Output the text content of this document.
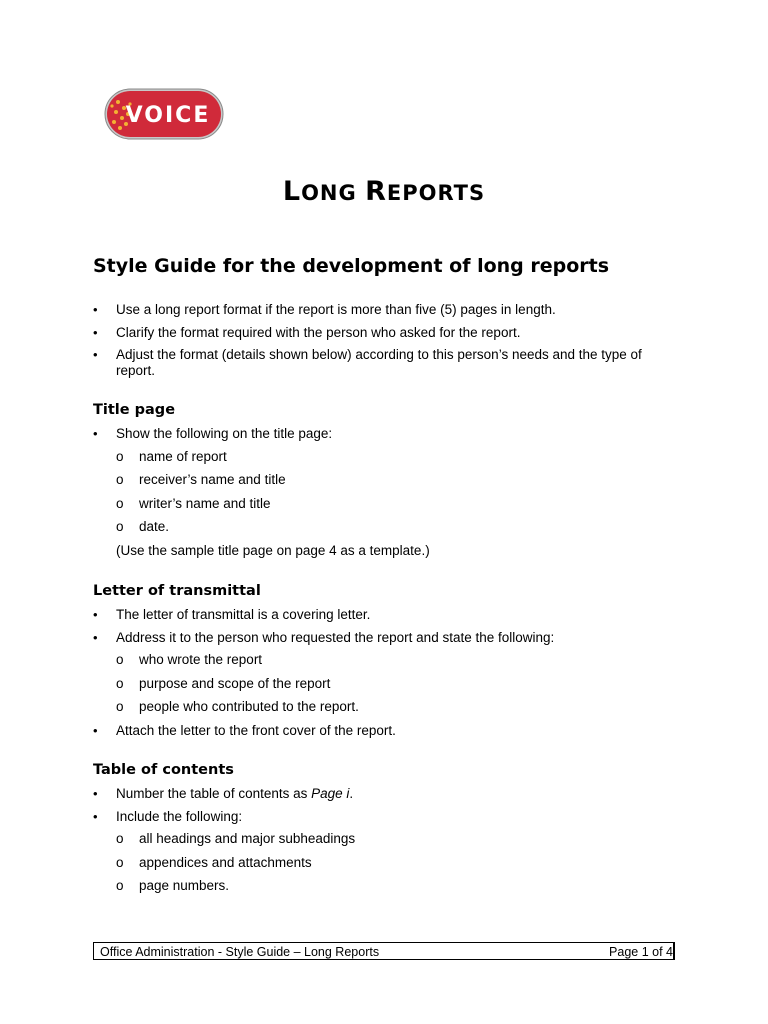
VOICE
LONG REPORTS
Style Guide for the development of long reports

• Use a long report format if the report is more than five (5) pages in length.

• Clarify the format required with the person who asked for the report.

• Adjust the format (details shown below) according to this person’s needs and the type of report.

Title page

• Show the following on the title page:

o name of report

o receiver’s name and title

o writer’s name and title

o date.

(Use the sample title page on page 4 as a template.)

Letter of transmittal

• The letter of transmittal is a covering letter.

• Address it to the person who requested the report and state the following:

o who wrote the report

o purpose and scope of the report

o people who contributed to the report.

• Attach the letter to the front cover of the report.

Table of contents

• Number the table of contents as Page i.

• Include the following:

o all headings and major subheadings

o appendices and attachments

o page numbers.

Office Administration - Style Guide – Long Reports	Page 1 of 4
